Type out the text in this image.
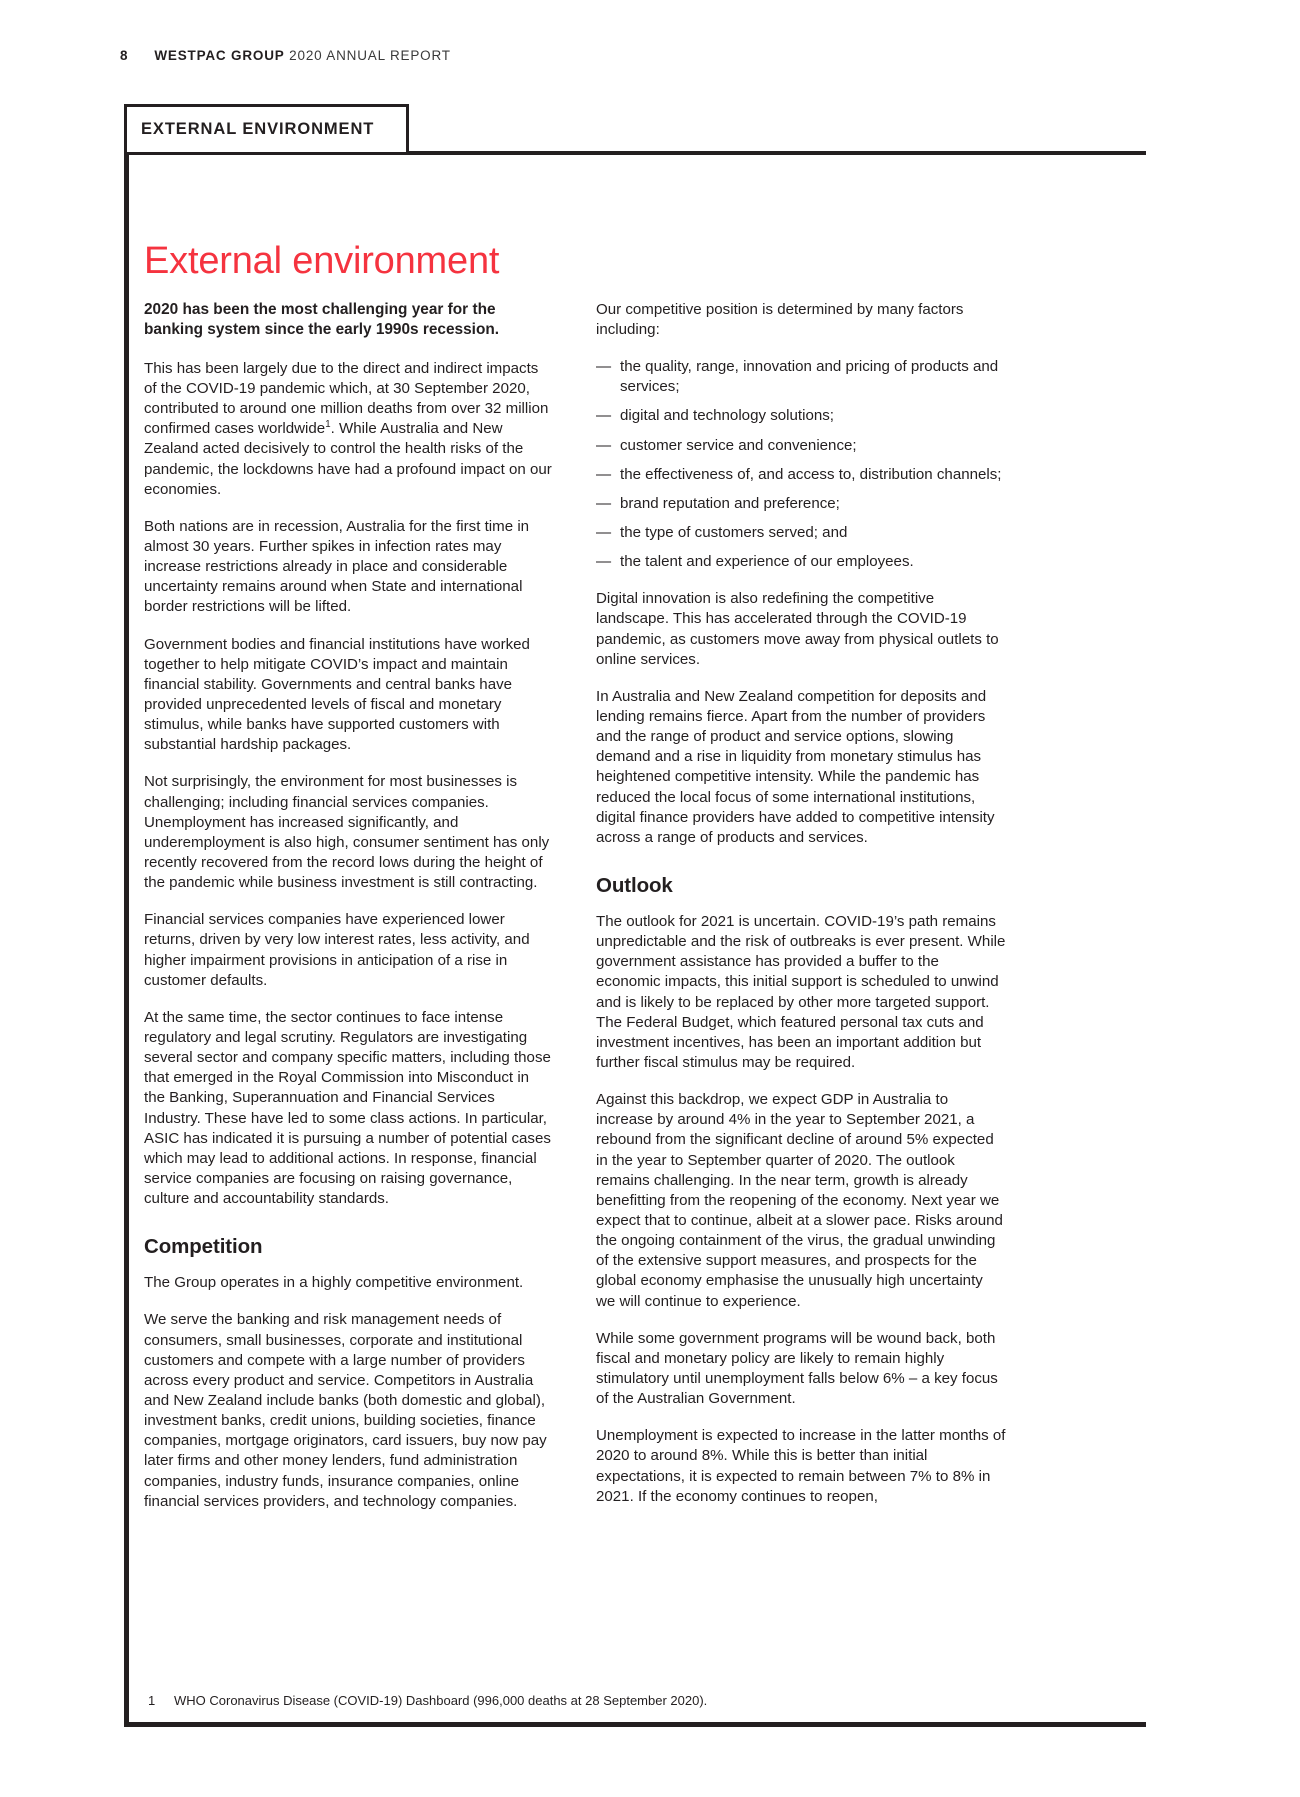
8 WESTPAC GROUP 2020 ANNUAL REPORT
EXTERNAL ENVIRONMENT
External environment

2020 has been the most challenging year for the banking system since the early 1990s recession.

This has been largely due to the direct and indirect impacts of the COVID-19 pandemic which, at 30 September 2020, contributed to around one million deaths from over 32 million confirmed cases worldwide$^1$. While Australia and New Zealand acted decisively to control the health risks of the pandemic, the lockdowns have had a profound impact on our economies.

Both nations are in recession, Australia for the first time in almost 30 years. Further spikes in infection rates may increase restrictions already in place and considerable uncertainty remains around when State and international border restrictions will be lifted.

Government bodies and financial institutions have worked together to help mitigate COVID’s impact and maintain financial stability. Governments and central banks have provided unprecedented levels of fiscal and monetary stimulus, while banks have supported customers with substantial hardship packages.

Not surprisingly, the environment for most businesses is challenging; including financial services companies. Unemployment has increased significantly, and underemployment is also high, consumer sentiment has only recently recovered from the record lows during the height of the pandemic while business investment is still contracting.

Financial services companies have experienced lower returns, driven by very low interest rates, less activity, and higher impairment provisions in anticipation of a rise in customer defaults.

At the same time, the sector continues to face intense regulatory and legal scrutiny. Regulators are investigating several sector and company specific matters, including those that emerged in the Royal Commission into Misconduct in the Banking, Superannuation and Financial Services Industry. These have led to some class actions. In particular, ASIC has indicated it is pursuing a number of potential cases which may lead to additional actions. In response, financial service companies are focusing on raising governance, culture and accountability standards.

Competition

The Group operates in a highly competitive environment.

We serve the banking and risk management needs of consumers, small businesses, corporate and institutional customers and compete with a large number of providers across every product and service. Competitors in Australia and New Zealand include banks (both domestic and global), investment banks, credit unions, building societies, finance companies, mortgage originators, card issuers, buy now pay later firms and other money lenders, fund administration companies, industry funds, insurance companies, online financial services providers, and technology companies.

Our competitive position is determined by many factors including:

— the quality, range, innovation and pricing of products and services;
— digital and technology solutions;
— customer service and convenience;
— the effectiveness of, and access to, distribution channels;
— brand reputation and preference;
— the type of customers served; and
— the talent and experience of our employees.

Digital innovation is also redefining the competitive landscape. This has accelerated through the COVID-19 pandemic, as customers move away from physical outlets to online services.

In Australia and New Zealand competition for deposits and lending remains fierce. Apart from the number of providers and the range of product and service options, slowing demand and a rise in liquidity from monetary stimulus has heightened competitive intensity. While the pandemic has reduced the local focus of some international institutions, digital finance providers have added to competitive intensity across a range of products and services.

Outlook

The outlook for 2021 is uncertain. COVID-19’s path remains unpredictable and the risk of outbreaks is ever present. While government assistance has provided a buffer to the economic impacts, this initial support is scheduled to unwind and is likely to be replaced by other more targeted support. The Federal Budget, which featured personal tax cuts and investment incentives, has been an important addition but further fiscal stimulus may be required.

Against this backdrop, we expect GDP in Australia to increase by around 4% in the year to September 2021, a rebound from the significant decline of around 5% expected in the year to September quarter of 2020. The outlook remains challenging. In the near term, growth is already benefitting from the reopening of the economy. Next year we expect that to continue, albeit at a slower pace. Risks around the ongoing containment of the virus, the gradual unwinding of the extensive support measures, and prospects for the global economy emphasise the unusually high uncertainty we will continue to experience.

While some government programs will be wound back, both fiscal and monetary policy are likely to remain highly stimulatory until unemployment falls below 6% – a key focus of the Australian Government.

Unemployment is expected to increase in the latter months of 2020 to around 8%. While this is better than initial expectations, it is expected to remain between 7% to 8% in 2021. If the economy continues to reopen,

1	WHO Coronavirus Disease (COVID-19) Dashboard (996,000 deaths at 28 September 2020).
